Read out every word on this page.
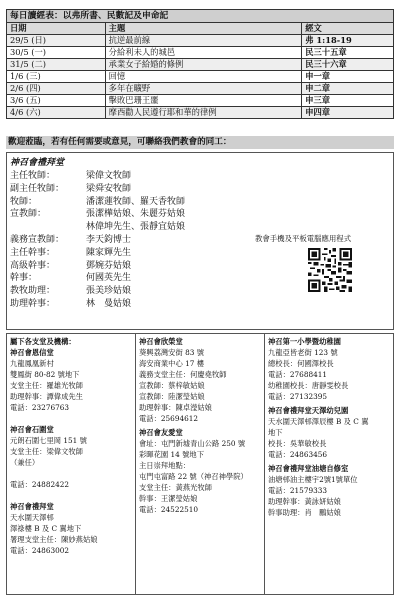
每日讀經表：以弗所書、民數記及申命記		
日期	主題	經文
29/5 (日)	抗逆最前線	弗 1:18-19
30/5 (一)	分給利未人的城邑	民三十五章
31/5 (二)	承業女子給婚的條例	民三十六章
1/6 (三)	回憶	申一章
2/6 (四)	多年在曠野	申二章
3/6 (五)	擊敗巴珊王噩	申三章
4/6 (六)	摩西勸人民遵行耶和華的律例	申四章
歡迎蒞臨，若有任何需要或意見，可聯絡我們教會的同工：
神召會禮拜堂
主任牧師：	梁偉文牧師
副主任牧師： 梁舜安牧師
牧師：	潘潔蓮牧師、羅天香牧師
宣教師：	張潔樺姑娘、朱麗芬姑娘
林偉坤先生、張靜宜姑娘
義務宣教師： 李天鈞博士
主任幹事：	陳家輝先生
高級幹事：	鄧婉芬姑娘
幹事：	何國英先生
教牧助理：	張美珍姑娘
助理幹事：	林　曼姑娘
教會手機及平板電腦應用程式
屬下各支堂及機構：
神召會恩信堂
九龍鳳凰新村
雙鳳街 80-82 號地下
支堂主任：羅雄光牧師
助理幹事：譚偉成先生
電話：23276763

神召會石圍堂
元朗石圍七里岡 151 號
支堂主任：梁偉文牧師
（兼任）

電話：24882422

神召會禮拜堂
天水圍天澤邨
澤祿樓 B 及 C 翼地下
署理支堂主任：陳妙燕姑娘
電話：24863002
神召會欣榮堂
葵興荔灣安街 83 號
海安商業中心 17 樓
義務支堂主任：何慶堯牧師
宣教師：蔡梓敏姑娘
宣教師：陸潔瑩姑娘
助理幹事：陳卓瀅姑娘
電話：25694612
神召會友愛堂
會址：屯門新墟青山公路 250 號
彩暉花園 14 號地下
主日崇拜地點：
屯門屯富路 22 號（神召神學院）
支堂主任：黃燕光牧師
幹事：王潔瑩姑娘
電話：24522510
神召第一小學暨幼稚園
九龍亞皆老街 123 號
總校長：何國澤校長
電話：27688411
幼稚園校長：唐靜雯校長
電話：27132395
神召會禮拜堂天澤幼兒園
天水圍天澤邨澤辰樓 B 及 C 翼
地下
校長：吳華敏校長
電話：24863456
神召會禮拜堂油塘自修室
油塘邨油主樓宇2號1號單位
電話：21579333
助理幹事：黃詠妍姑娘
幹事助理：肖　鵬姑娘
